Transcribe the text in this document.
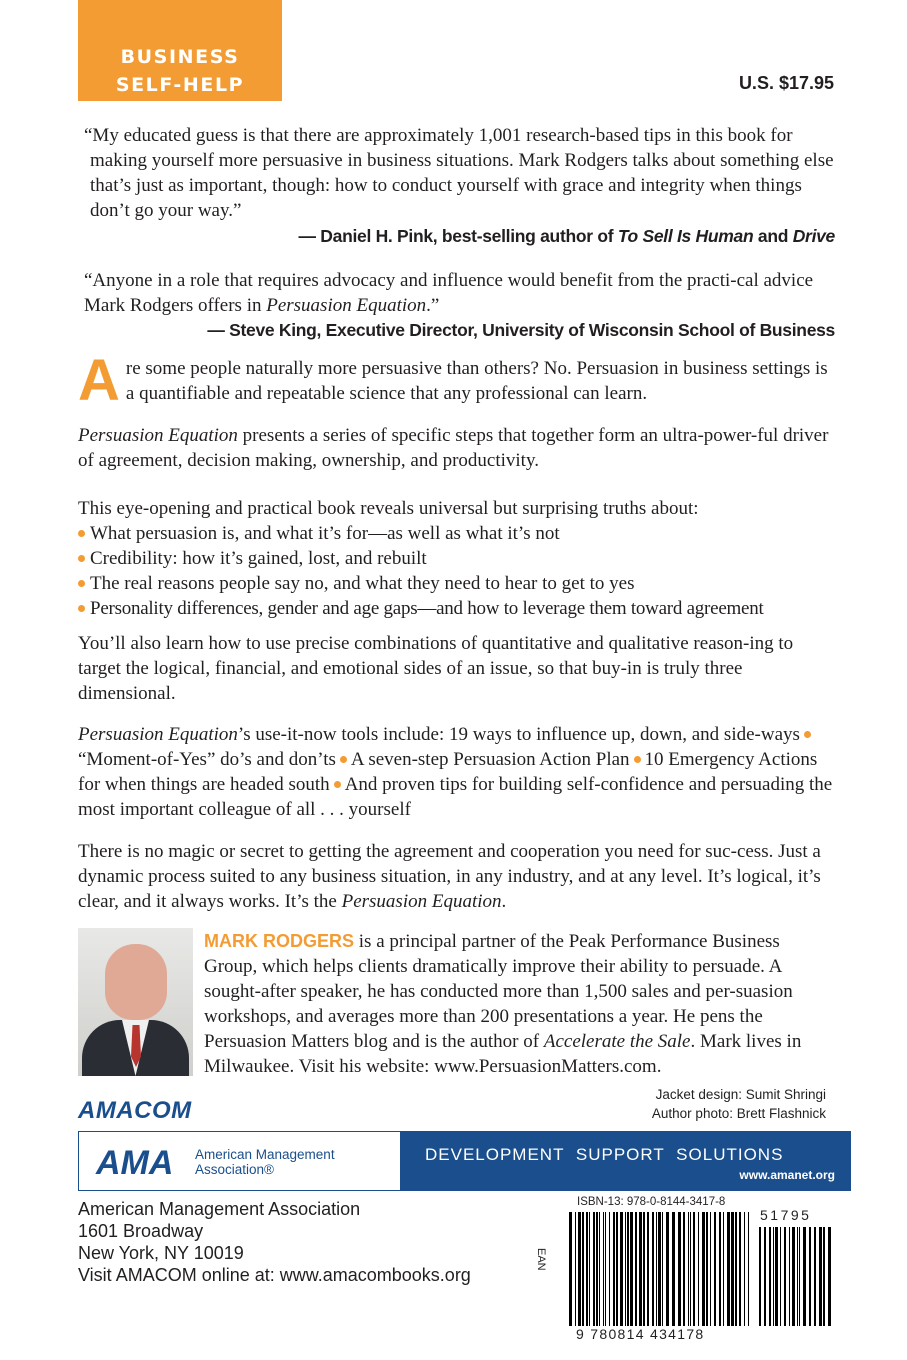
BUSINESS
SELF-HELP	U.S. $17.95

“My educated guess is that there are approximately 1,001 research-based tips in this book for making yourself more persuasive in business situations. Mark Rodgers talks about something else that’s just as important, though: how to conduct yourself with grace and integrity when things don’t go your way.”

— Daniel H. Pink, best-selling author of To Sell Is Human and Drive

“Anyone in a role that requires advocacy and influence would benefit from the practi-cal advice Mark Rodgers offers in Persuasion Equation.”

— Steve King, Executive Director, University of Wisconsin School of Business

Are some people naturally more persuasive than others? No. Persuasion in business settings is a quantifiable and repeatable science that any professional can learn.
Persuasion Equation presents a series of specific steps that together form an ultra-power-ful driver of agreement, decision making, ownership, and productivity.
This eye-opening and practical book reveals universal but surprising truths about:
What persuasion is, and what it’s for—as well as what it’s not
Credibility: how it’s gained, lost, and rebuilt
The real reasons people say no, and what they need to hear to get to yes
Personality differences, gender and age gaps—and how to leverage them toward agreement
You’ll also learn how to use precise combinations of quantitative and qualitative reason-ing to target the logical, financial, and emotional sides of an issue, so that buy-in is truly three dimensional.
Persuasion Equation’s use-it-now tools include: 19 ways to influence up, down, and side-ways“Moment-of-Yes” do’s and don’ts A seven-step Persuasion Action Plan 10 Emergency Actions for when things are headed south And proven tips for building self-confidence and persuading the most important colleague of all . . . yourself
There is no magic or secret to getting the agreement and cooperation you need for suc-cess. Just a dynamic process suited to any business situation, in any industry, and at any level. It’s logical, it’s clear, and it always works. It’s the Persuasion Equation.
MARK RODGERS is a principal partner of the Peak Performance Business Group, which helps clients dramatically improve their ability to persuade. A sought-after speaker, he has conducted more than 1,500 sales and per-suasion workshops, and averages more than 200 presentations a year. He pens the Persuasion Matters blog and is the author of Accelerate the Sale. Mark lives in Milwaukee. Visit his website: www.PersuasionMatters.com.
Jacket design: Sumit Shringi
Author photo: Brett Flashnick
AMACOM
AMA American Management
Association®
DEVELOPMENT SUPPORT SOLUTIONS
www.amanet.org
American Management Association
1601 Broadway
New York, NY 10019
Visit AMACOM online at: www.amacombooks.org
ISBN-13: 978-0-8144-3417-8
EAN
9 780814 434178
51795
